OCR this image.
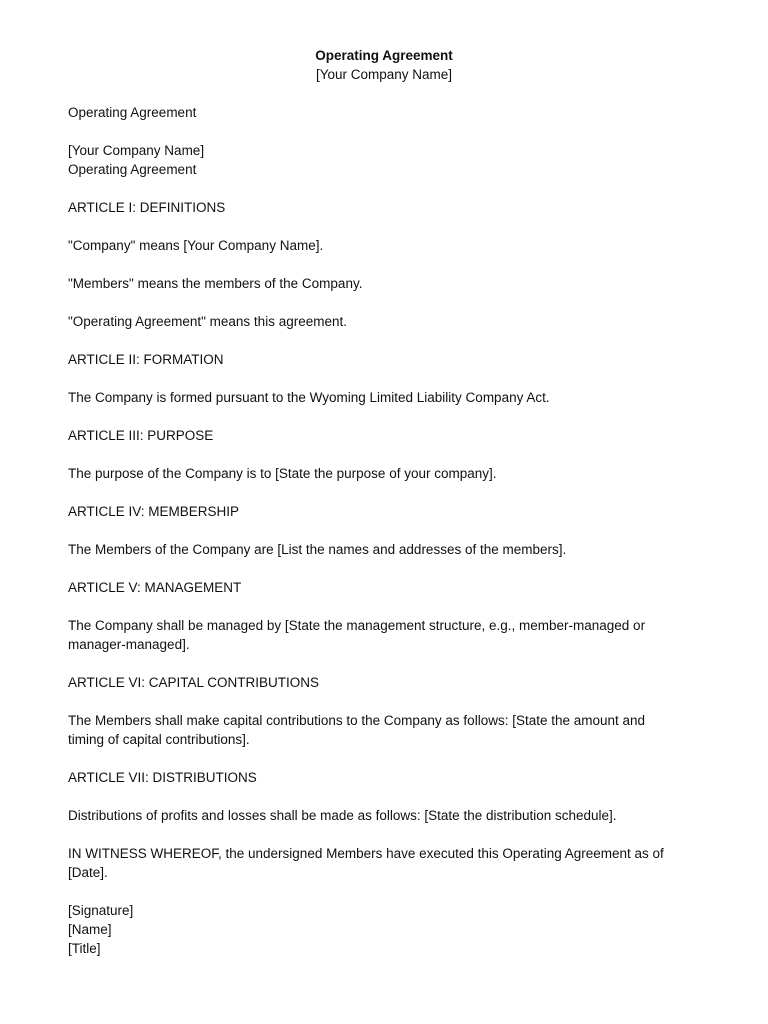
Operating Agreement
[Your Company Name]

Operating Agreement

[Your Company Name]
Operating Agreement

ARTICLE I: DEFINITIONS

"Company" means [Your Company Name].

"Members" means the members of the Company.

"Operating Agreement" means this agreement.

ARTICLE II: FORMATION

The Company is formed pursuant to the Wyoming Limited Liability Company Act.

ARTICLE III: PURPOSE

The purpose of the Company is to [State the purpose of your company].

ARTICLE IV: MEMBERSHIP

The Members of the Company are [List the names and addresses of the members].

ARTICLE V: MANAGEMENT

The Company shall be managed by [State the management structure, e.g., member-managed or manager-managed].

ARTICLE VI: CAPITAL CONTRIBUTIONS

The Members shall make capital contributions to the Company as follows: [State the amount and timing of capital contributions].

ARTICLE VII: DISTRIBUTIONS

Distributions of profits and losses shall be made as follows: [State the distribution schedule].

IN WITNESS WHEREOF, the undersigned Members have executed this Operating Agreement as of [Date].

[Signature]
[Name]
[Title]
